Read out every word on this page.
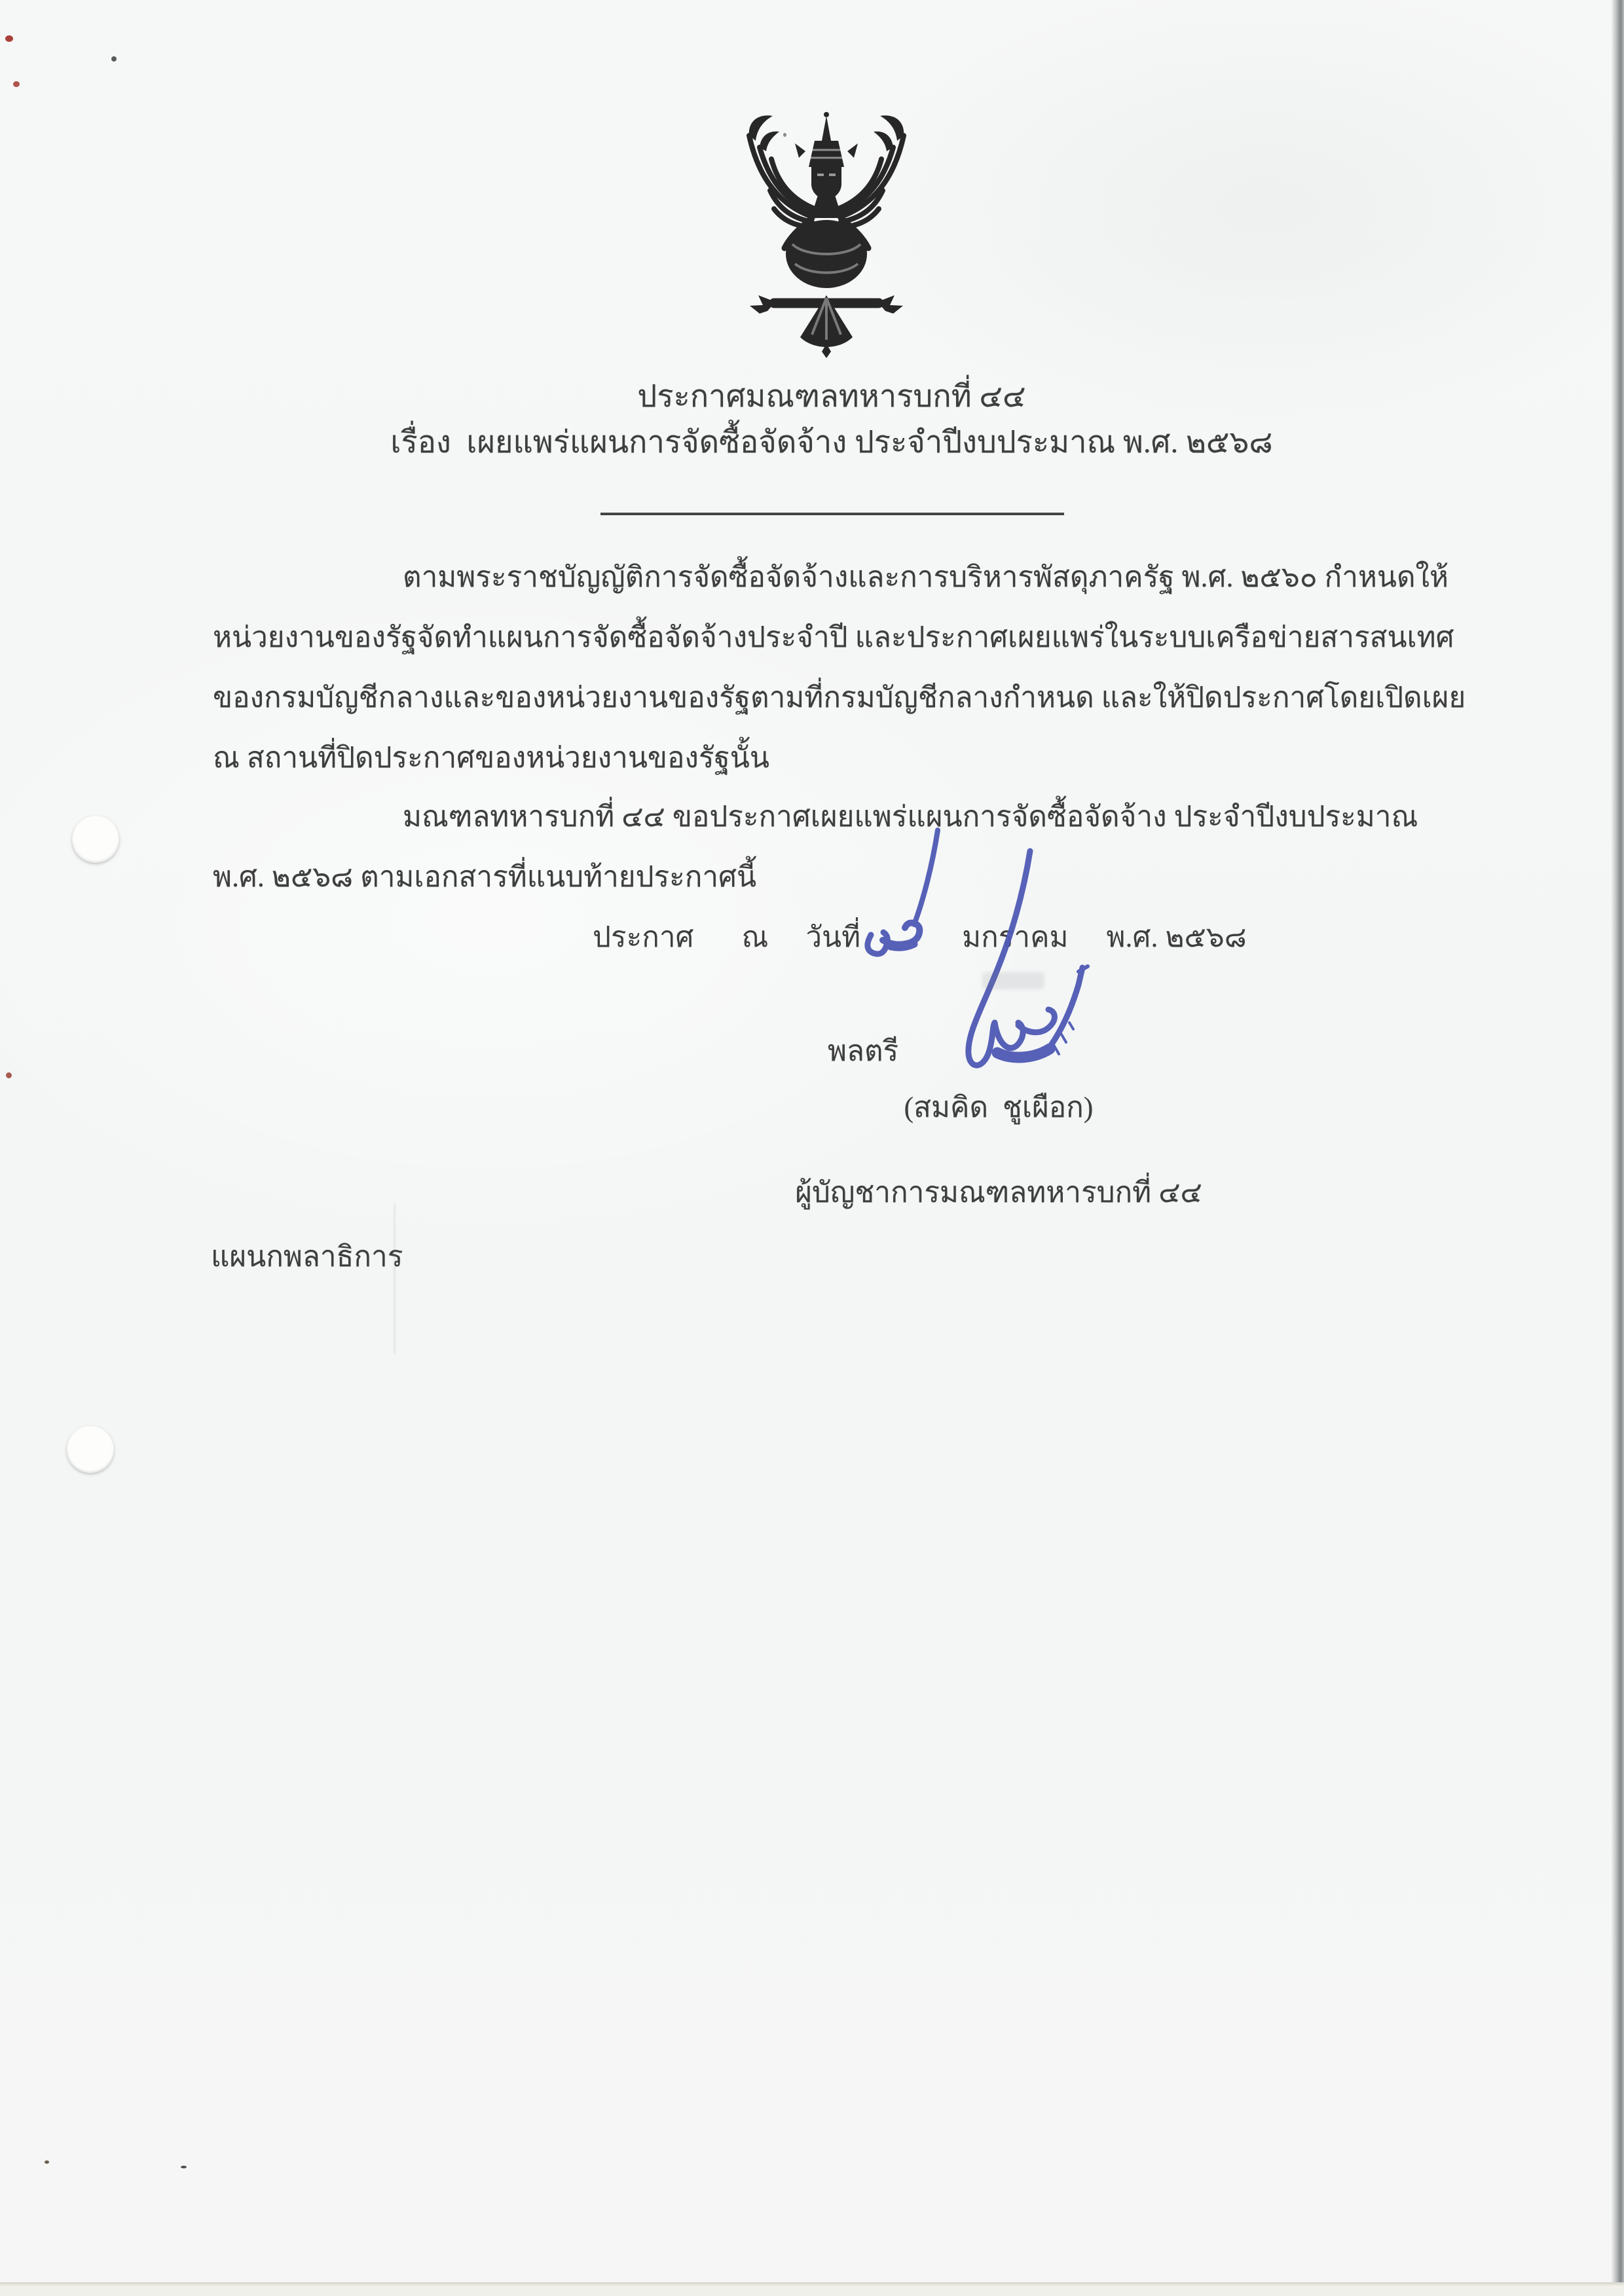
ประกาศมณฑลทหารบกที่ ๔๔
เรื่อง  เผยแพร่แผนการจัดซื้อจัดจ้าง ประจำปีงบประมาณ พ.ศ. ๒๕๖๘
ตามพระราชบัญญัติการจัดซื้อจัดจ้างและการบริหารพัสดุภาครัฐ พ.ศ. ๒๕๖๐ กำหนดให้
หน่วยงานของรัฐจัดทำแผนการจัดซื้อจัดจ้างประจำปี และประกาศเผยแพร่ในระบบเครือข่ายสารสนเทศ
ของกรมบัญชีกลางและของหน่วยงานของรัฐตามที่กรมบัญชีกลางกำหนด และให้ปิดประกาศโดยเปิดเผย
ณ สถานที่ปิดประกาศของหน่วยงานของรัฐนั้น
มณฑลทหารบกที่ ๔๔ ขอประกาศเผยแพร่แผนการจัดซื้อจัดจ้าง ประจำปีงบประมาณ
พ.ศ. ๒๕๖๘ ตามเอกสารที่แนบท้ายประกาศนี้
ประกาศ ณ วันที่	มกราคม พ.ศ. ๒๕๖๘
พลตรี
(สมคิด  ชูเผือก)
ผู้บัญชาการมณฑลทหารบกที่ ๔๔
แผนกพลาธิการ
